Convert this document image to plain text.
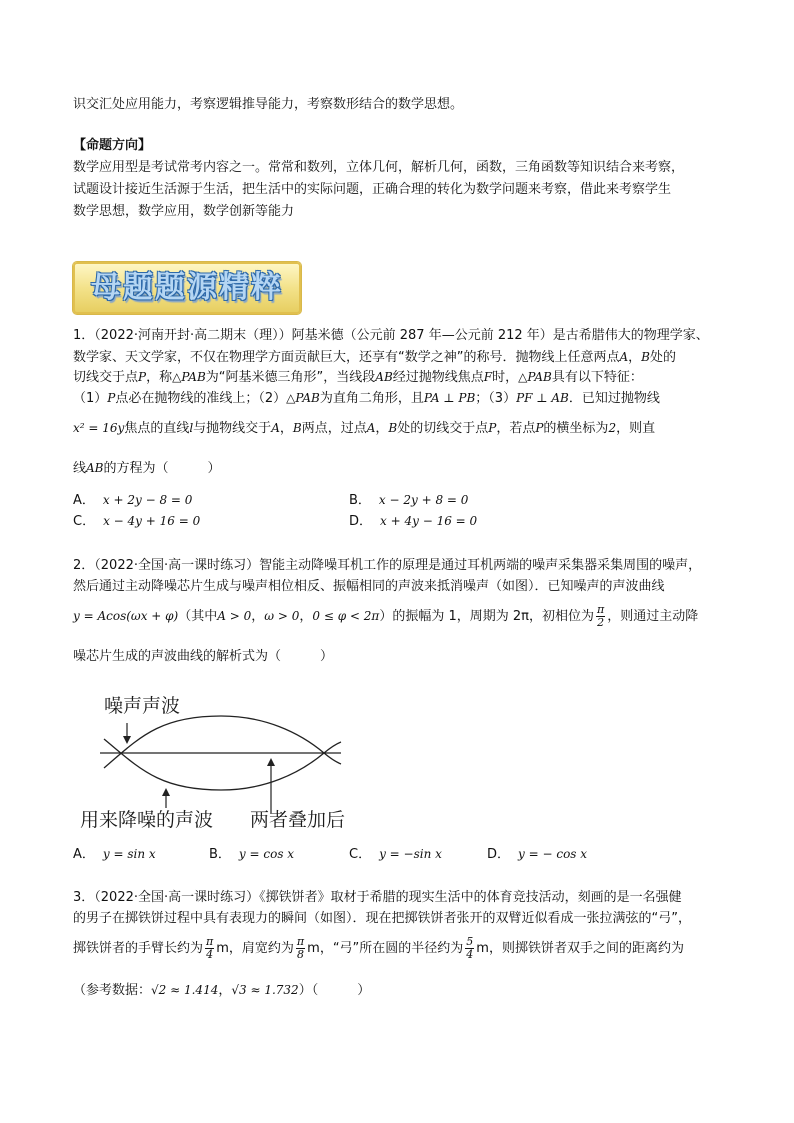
识交汇处应用能力，考察逻辑推导能力，考察数形结合的数学思想。
【命题方向】
数学应用型是考试常考内容之一。常常和数列，立体几何，解析几何，函数，三角函数等知识结合来考察，
试题设计接近生活源于生活，把生活中的实际问题，正确合理的转化为数学问题来考察，借此来考察学生
数学思想，数学应用，数学创新等能力
母题题源精粹
1．（2022·河南开封·高二期末（理））阿基米德（公元前 287 年—公元前 212 年）是古希腊伟大的物理学家、
数学家、天文学家，不仅在物理学方面贡献巨大，还享有“数学之神”的称号．抛物线上任意两点A，B处的
切线交于点P，称△PAB为“阿基米德三角形”，当线段AB经过抛物线焦点F时，△PAB具有以下特征：
（1）P点必在抛物线的准线上；（2）△PAB为直角二角形，且PA ⊥ PB；（3）PF ⊥ AB．已知过抛物线
x² = 16y焦点的直线l与抛物线交于A，B两点，过点A，B处的切线交于点P，若点P的横坐标为2，则直
线AB的方程为（　　　）
A． x + 2y − 8 = 0	B． x − 2y + 8 = 0
C． x − 4y + 16 = 0	D． x + 4y − 16 = 0
2．（2022·全国·高一课时练习）智能主动降噪耳机工作的原理是通过耳机两端的噪声采集器采集周围的噪声，
然后通过主动降噪芯片生成与噪声相位相反、振幅相同的声波来抵消噪声（如图）．已知噪声的声波曲线
y = Acos(ωx + φ)（其中A > 0，ω > 0，0 ≤ φ < 2π）的振幅为 1，周期为 2π，初相位为 $\frac{\pi}{2}$ ，则通过主动降
噪芯片生成的声波曲线的解析式为（　　　）
噪声声波
用来降噪的声波 两者叠加后
A． y = sin x	B． y = cos x	C． y = −sin x	D． y = − cos x
3．（2022·全国·高一课时练习）《掷铁饼者》取材于希腊的现实生活中的体育竞技活动，刻画的是一名强健
的男子在掷铁饼过程中具有表现力的瞬间（如图）．现在把掷铁饼者张开的双臂近似看成一张拉满弦的“弓”，
掷铁饼者的手臂长约为 $\frac{\pi}{4}$ m，肩宽约为 $\frac{\pi}{8}$ m，“弓”所在圆的半径约为 $\frac{5}{4}$ m，则掷铁饼者双手之间的距离约为
（参考数据：√2 ≈ 1.414，√3 ≈ 1.732）（　　　）
